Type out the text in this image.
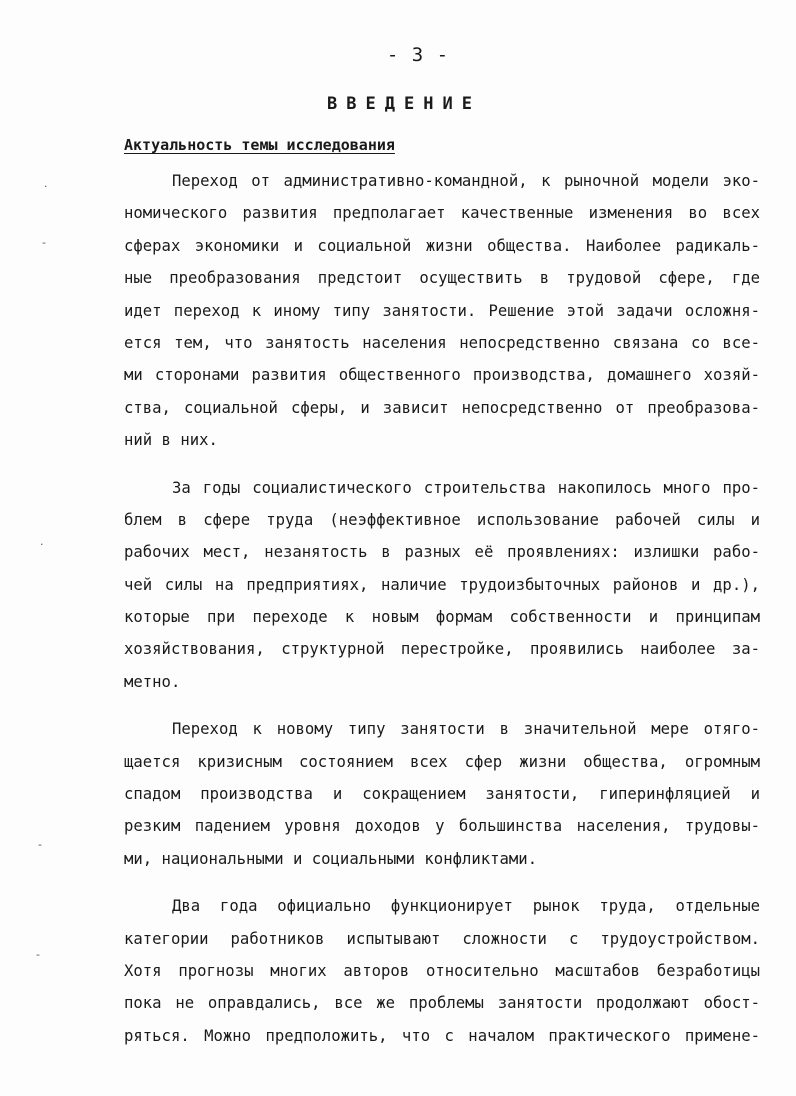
- 3 -
ВВЕДЕНИЕ
Актуальность темы исследования
Переход от административно-командной, к рыночной модели эко-
номического развития предполагает качественные изменения во всех
сферах экономики и социальной жизни общества. Наиболее радикаль-
ные преобразования предстоит осуществить в трудовой сфере, где
идет переход к иному типу занятости. Решение этой задачи осложня-
ется тем, что занятость населения непосредственно связана со все-
ми сторонами развития общественного производства, домашнего хозяй-
ства, социальной сферы, и зависит непосредственно от преобразова-
ний в них.
За годы социалистического строительства накопилось много про-
блем в сфере труда (неэффективное использование рабочей силы и
рабочих мест, незанятость в разных её проявлениях: излишки рабо-
чей силы на предприятиях, наличие трудоизбыточных районов и др.),
которые при переходе к новым формам собственности и принципам
хозяйствования, структурной перестройке, проявились наиболее за-
метно.
Переход к новому типу занятости в значительной мере отяго-
щается кризисным состоянием всех сфер жизни общества, огромным
спадом производства и сокращением занятости, гиперинфляцией и
резким падением уровня доходов у большинства населения, трудовы-
ми, национальными и социальными конфликтами.
Два года официально функционирует рынок труда, отдельные
категории работников испытывают сложности с трудоустройством.
Хотя прогнозы многих авторов относительно масштабов безработицы
пока не оправдались, все же проблемы занятости продолжают обост-
ряться. Можно предположить, что с началом практического примене-
·
-
·
-
-
